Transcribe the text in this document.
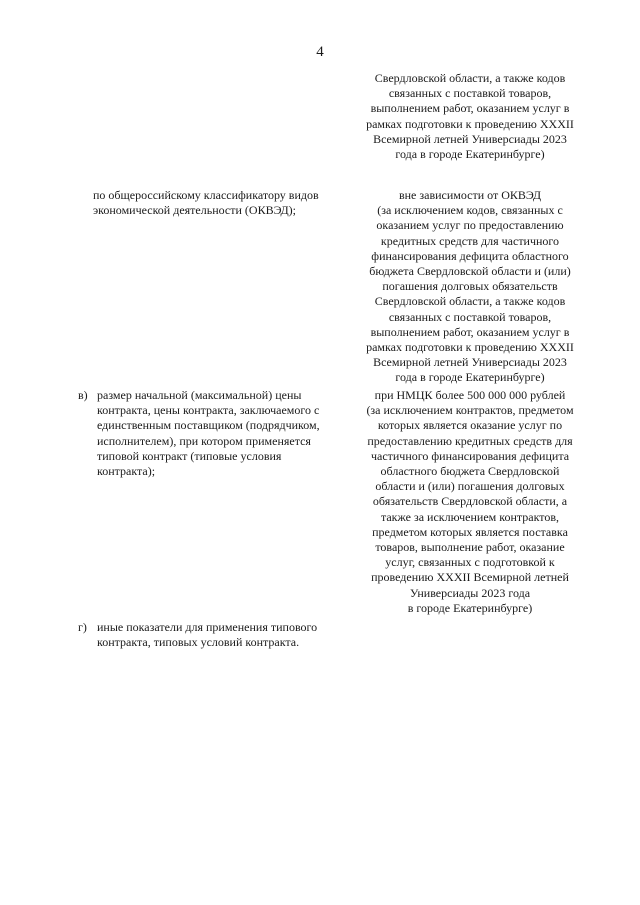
4
Свердловской области, а также кодов
связанных с поставкой товаров,
выполнением работ, оказанием услуг в
рамках подготовки к проведению XXXII
Всемирной летней Универсиады 2023
года в городе Екатеринбурге)
по общероссийскому классификатору видов
экономической деятельности (ОКВЭД);
вне зависимости от ОКВЭД
(за исключением кодов, связанных с
оказанием услуг по предоставлению
кредитных средств для частичного
финансирования дефицита областного
бюджета Свердловской области и (или)
погашения долговых обязательств
Свердловской области, а также кодов
связанных с поставкой товаров,
выполнением работ, оказанием услуг в
рамках подготовки к проведению XXXII
Всемирной летней Универсиады 2023
года в городе Екатеринбурге)
в) размер начальной (максимальной) цены
контракта, цены контракта, заключаемого с
единственным поставщиком (подрядчиком,
исполнителем), при котором применяется
типовой контракт (типовые условия
контракта);
при НМЦК более 500 000 000 рублей
(за исключением контрактов, предметом
которых является оказание услуг по
предоставлению кредитных средств для
частичного финансирования дефицита
областного бюджета Свердловской
области и (или) погашения долговых
обязательств Свердловской области, а
также за исключением контрактов,
предметом которых является поставка
товаров, выполнение работ, оказание
услуг, связанных с подготовкой к
проведению XXXII Всемирной летней
Универсиады 2023 года
в городе Екатеринбурге)
г) иные показатели для применения типового
контракта, типовых условий контракта.
